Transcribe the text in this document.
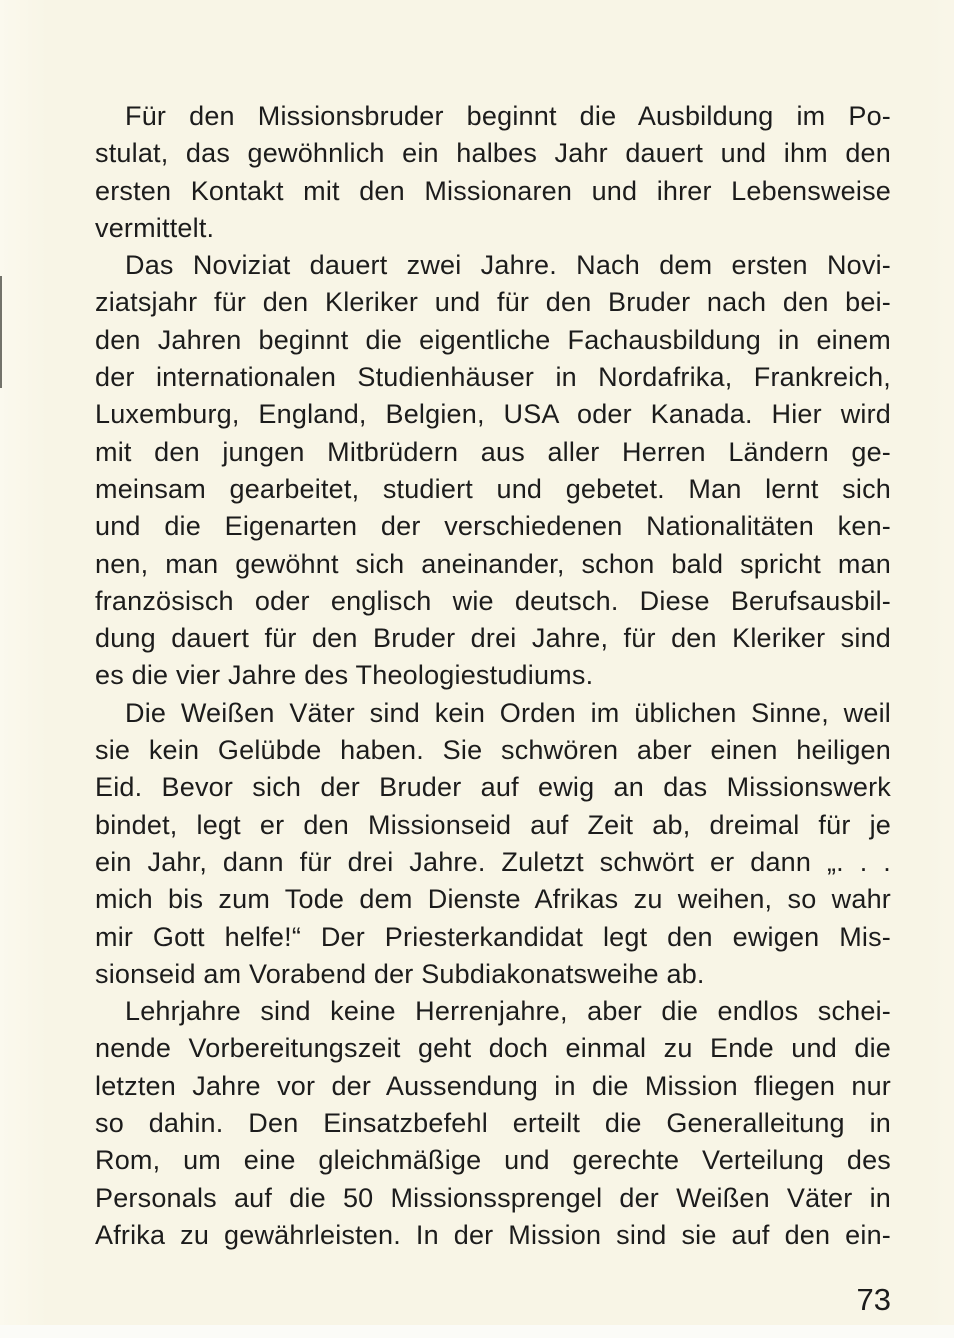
Für den Missionsbruder beginnt die Ausbildung im Po-
stulat, das gewöhnlich ein halbes Jahr dauert und ihm den
ersten Kontakt mit den Missionaren und ihrer Lebensweise
vermittelt.
Das Noviziat dauert zwei Jahre. Nach dem ersten Novi-
ziatsjahr für den Kleriker und für den Bruder nach den bei-
den Jahren beginnt die eigentliche Fachausbildung in einem
der internationalen Studienhäuser in Nordafrika, Frankreich,
Luxemburg, England, Belgien, USA oder Kanada. Hier wird
mit den jungen Mitbrüdern aus aller Herren Ländern ge-
meinsam gearbeitet, studiert und gebetet. Man lernt sich
und die Eigenarten der verschiedenen Nationalitäten ken-
nen, man gewöhnt sich aneinander, schon bald spricht man
französisch oder englisch wie deutsch. Diese Berufsausbil-
dung dauert für den Bruder drei Jahre, für den Kleriker sind
es die vier Jahre des Theologiestudiums.
Die Weißen Väter sind kein Orden im üblichen Sinne, weil
sie kein Gelübde haben. Sie schwören aber einen heiligen
Eid. Bevor sich der Bruder auf ewig an das Missionswerk
bindet, legt er den Missionseid auf Zeit ab, dreimal für je
ein Jahr, dann für drei Jahre. Zuletzt schwört er dann „. . .
mich bis zum Tode dem Dienste Afrikas zu weihen, so wahr
mir Gott helfe!“ Der Priesterkandidat legt den ewigen Mis-
sionseid am Vorabend der Subdiakonatsweihe ab.
Lehrjahre sind keine Herrenjahre, aber die endlos schei-
nende Vorbereitungszeit geht doch einmal zu Ende und die
letzten Jahre vor der Aussendung in die Mission fliegen nur
so dahin. Den Einsatzbefehl erteilt die Generalleitung in
Rom, um eine gleichmäßige und gerechte Verteilung des
Personals auf die 50 Missionssprengel der Weißen Väter in
Afrika zu gewährleisten. In der Mission sind sie auf den ein-
73
